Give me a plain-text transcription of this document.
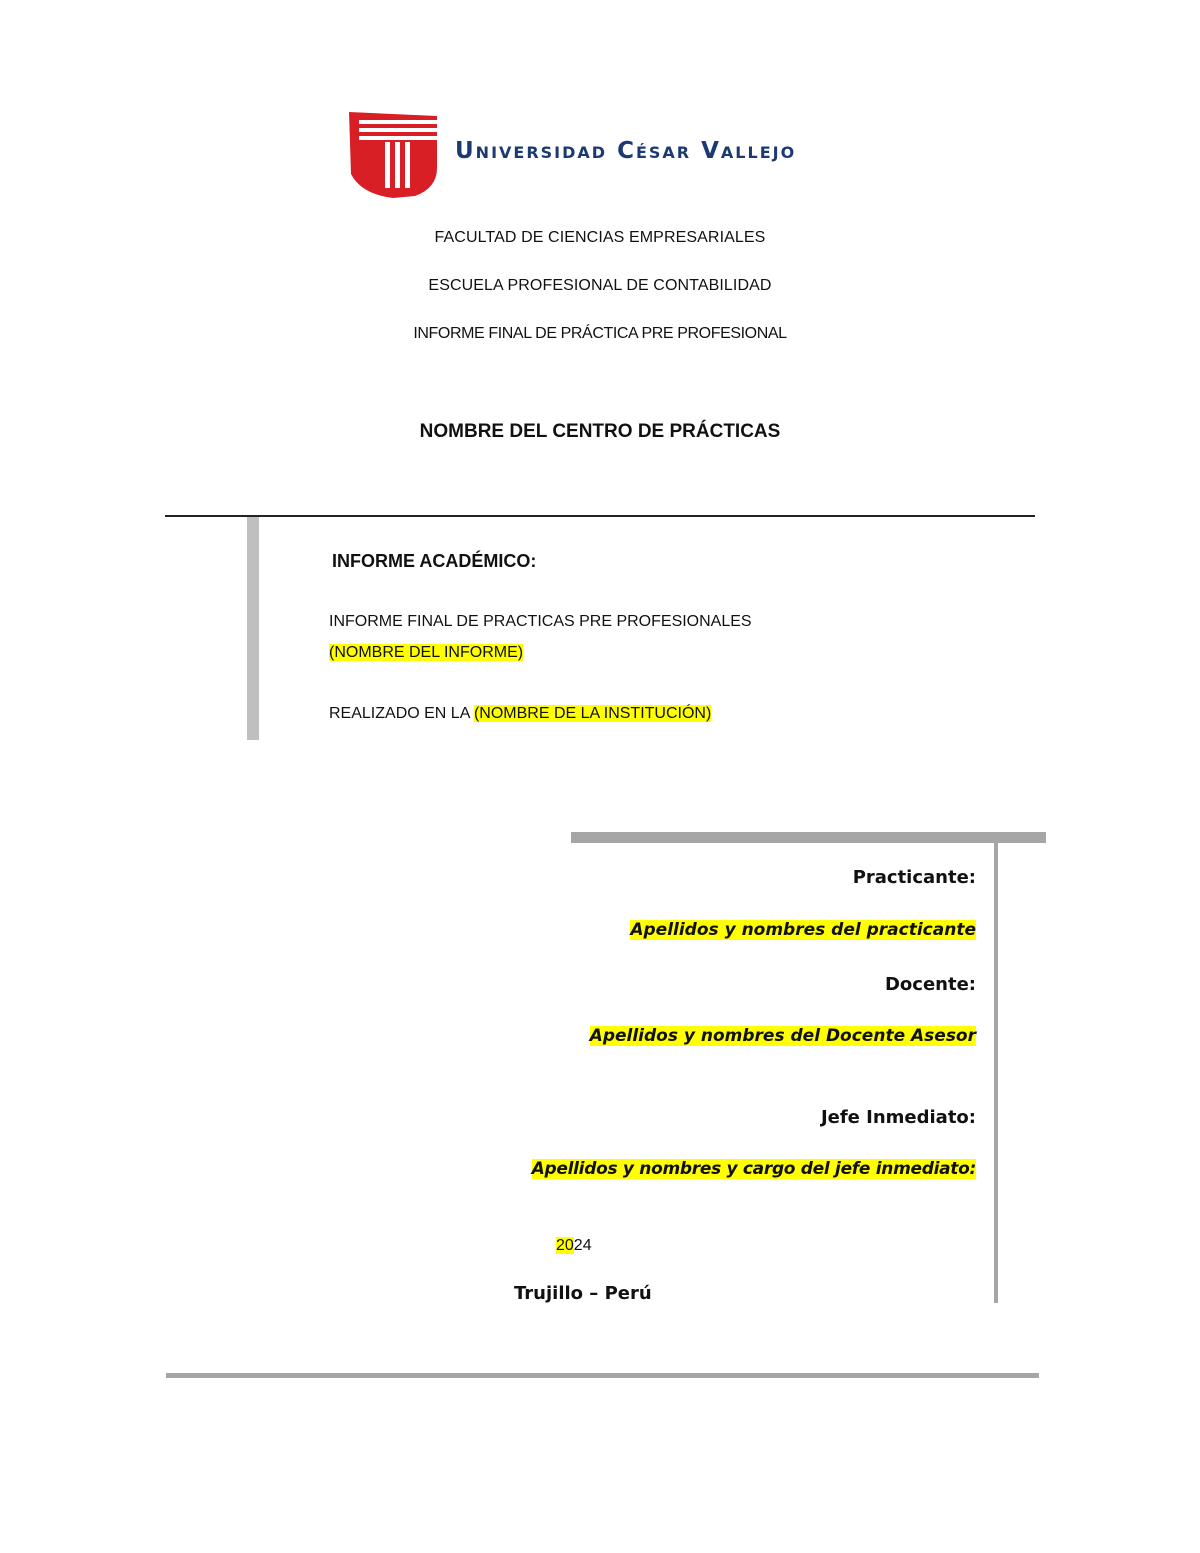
Universidad César Vallejo
FACULTAD DE CIENCIAS EMPRESARIALES
ESCUELA PROFESIONAL DE CONTABILIDAD
INFORME FINAL DE PRÁCTICA PRE PROFESIONAL
NOMBRE DEL CENTRO DE PRÁCTICAS
INFORME ACADÉMICO:
INFORME FINAL DE PRACTICAS PRE PROFESIONALES
(NOMBRE DEL INFORME)
REALIZADO EN LA (NOMBRE DE LA INSTITUCIÓN)
Practicante:
Apellidos y nombres del practicante
Docente:
Apellidos y nombres del Docente Asesor
Jefe Inmediato:
Apellidos y nombres y cargo del jefe inmediato:
2024
Trujillo – Perú
